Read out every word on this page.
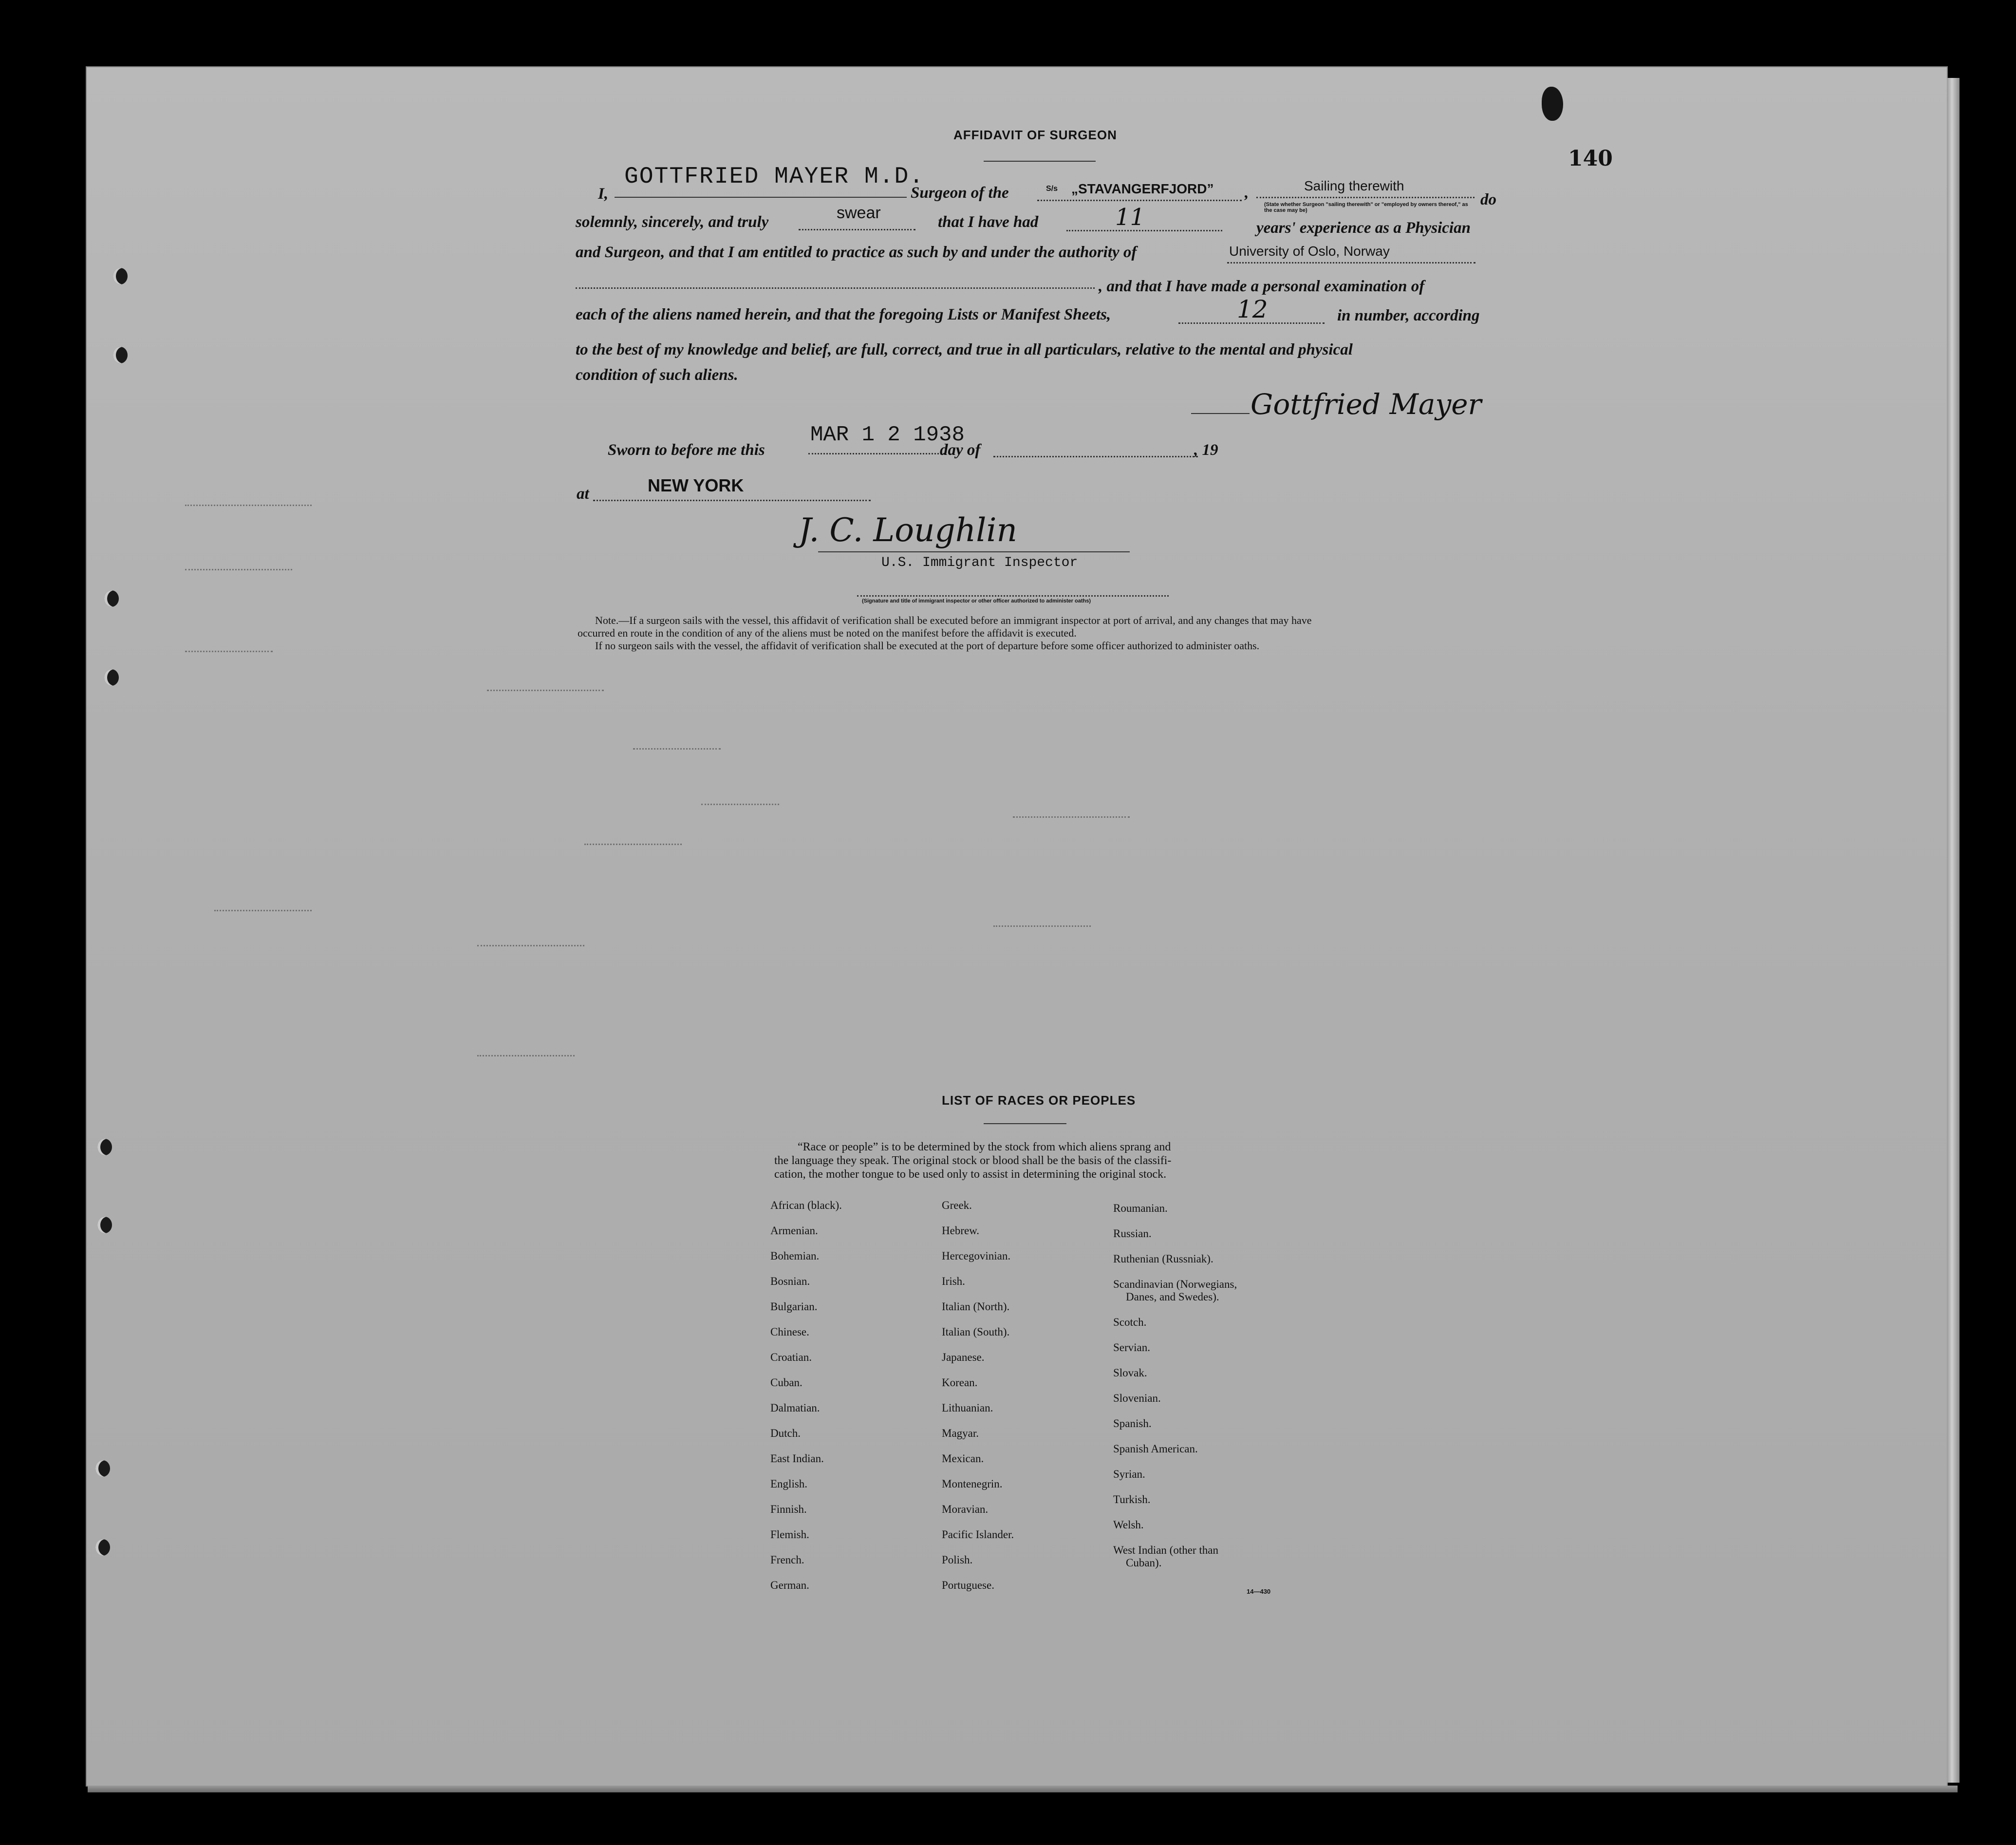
140
AFFIDAVIT OF SURGEON
I,
GOTTFRIED MAYER M.D.
Surgeon of the	S/s „STAVANGERFJORD” ,	Sailing therewith
(State whether Surgeon "sailing therewith" or "employed by owners thereof," as the case may be)
do
solemnly, sincerely, and truly	swear	that I have had	11	years' experience as a Physician
and Surgeon, and that I am entitled to practice as such by and under the authority of	University of Oslo, Norway
, and that I have made a personal examination of
each of the aliens named herein, and that the foregoing Lists or Manifest Sheets,	12	in number, according
to the best of my knowledge and belief, are full, correct, and true in all particulars, relative to the mental and physical
condition of such aliens.
Gottfried Mayer
Sworn to before me this
MAR 1 2 1938
day of	, 19
at	NEW YORK
J. C. Loughlin
U.S. Immigrant Inspector
(Signature and title of immigrant inspector or other officer authorized to administer oaths)
Note.—If a surgeon sails with the vessel, this affidavit of verification shall be executed before an immigrant inspector at port of arrival, and any changes that may have
occurred en route in the condition of any of the aliens must be noted on the manifest before the affidavit is executed.
If no surgeon sails with the vessel, the affidavit of verification shall be executed at the port of departure before some officer authorized to administer oaths.
LIST OF RACES OR PEOPLES
“Race or people” is to be determined by the stock from which aliens sprang and
the language they speak. The original stock or blood shall be the basis of the classifi-
cation, the mother tongue to be used only to assist in determining the original stock.
African (black).
Armenian.
Bohemian.
Bosnian.
Bulgarian.
Chinese.
Croatian.
Cuban.
Dalmatian.
Dutch.
East Indian.
English.
Finnish.
Flemish.
French.
German.
Greek.
Hebrew.
Hercegovinian.
Irish.
Italian (North).
Italian (South).
Japanese.
Korean.
Lithuanian.
Magyar.
Mexican.
Montenegrin.
Moravian.
Pacific Islander.
Polish.
Portuguese.
Roumanian.
Russian.
Ruthenian (Russniak).
Scandinavian (Norwegians,
Danes, and Swedes).
Scotch.
Servian.
Slovak.
Slovenian.
Spanish.
Spanish American.
Syrian.
Turkish.
Welsh.
West Indian (other than
Cuban).
14—430
